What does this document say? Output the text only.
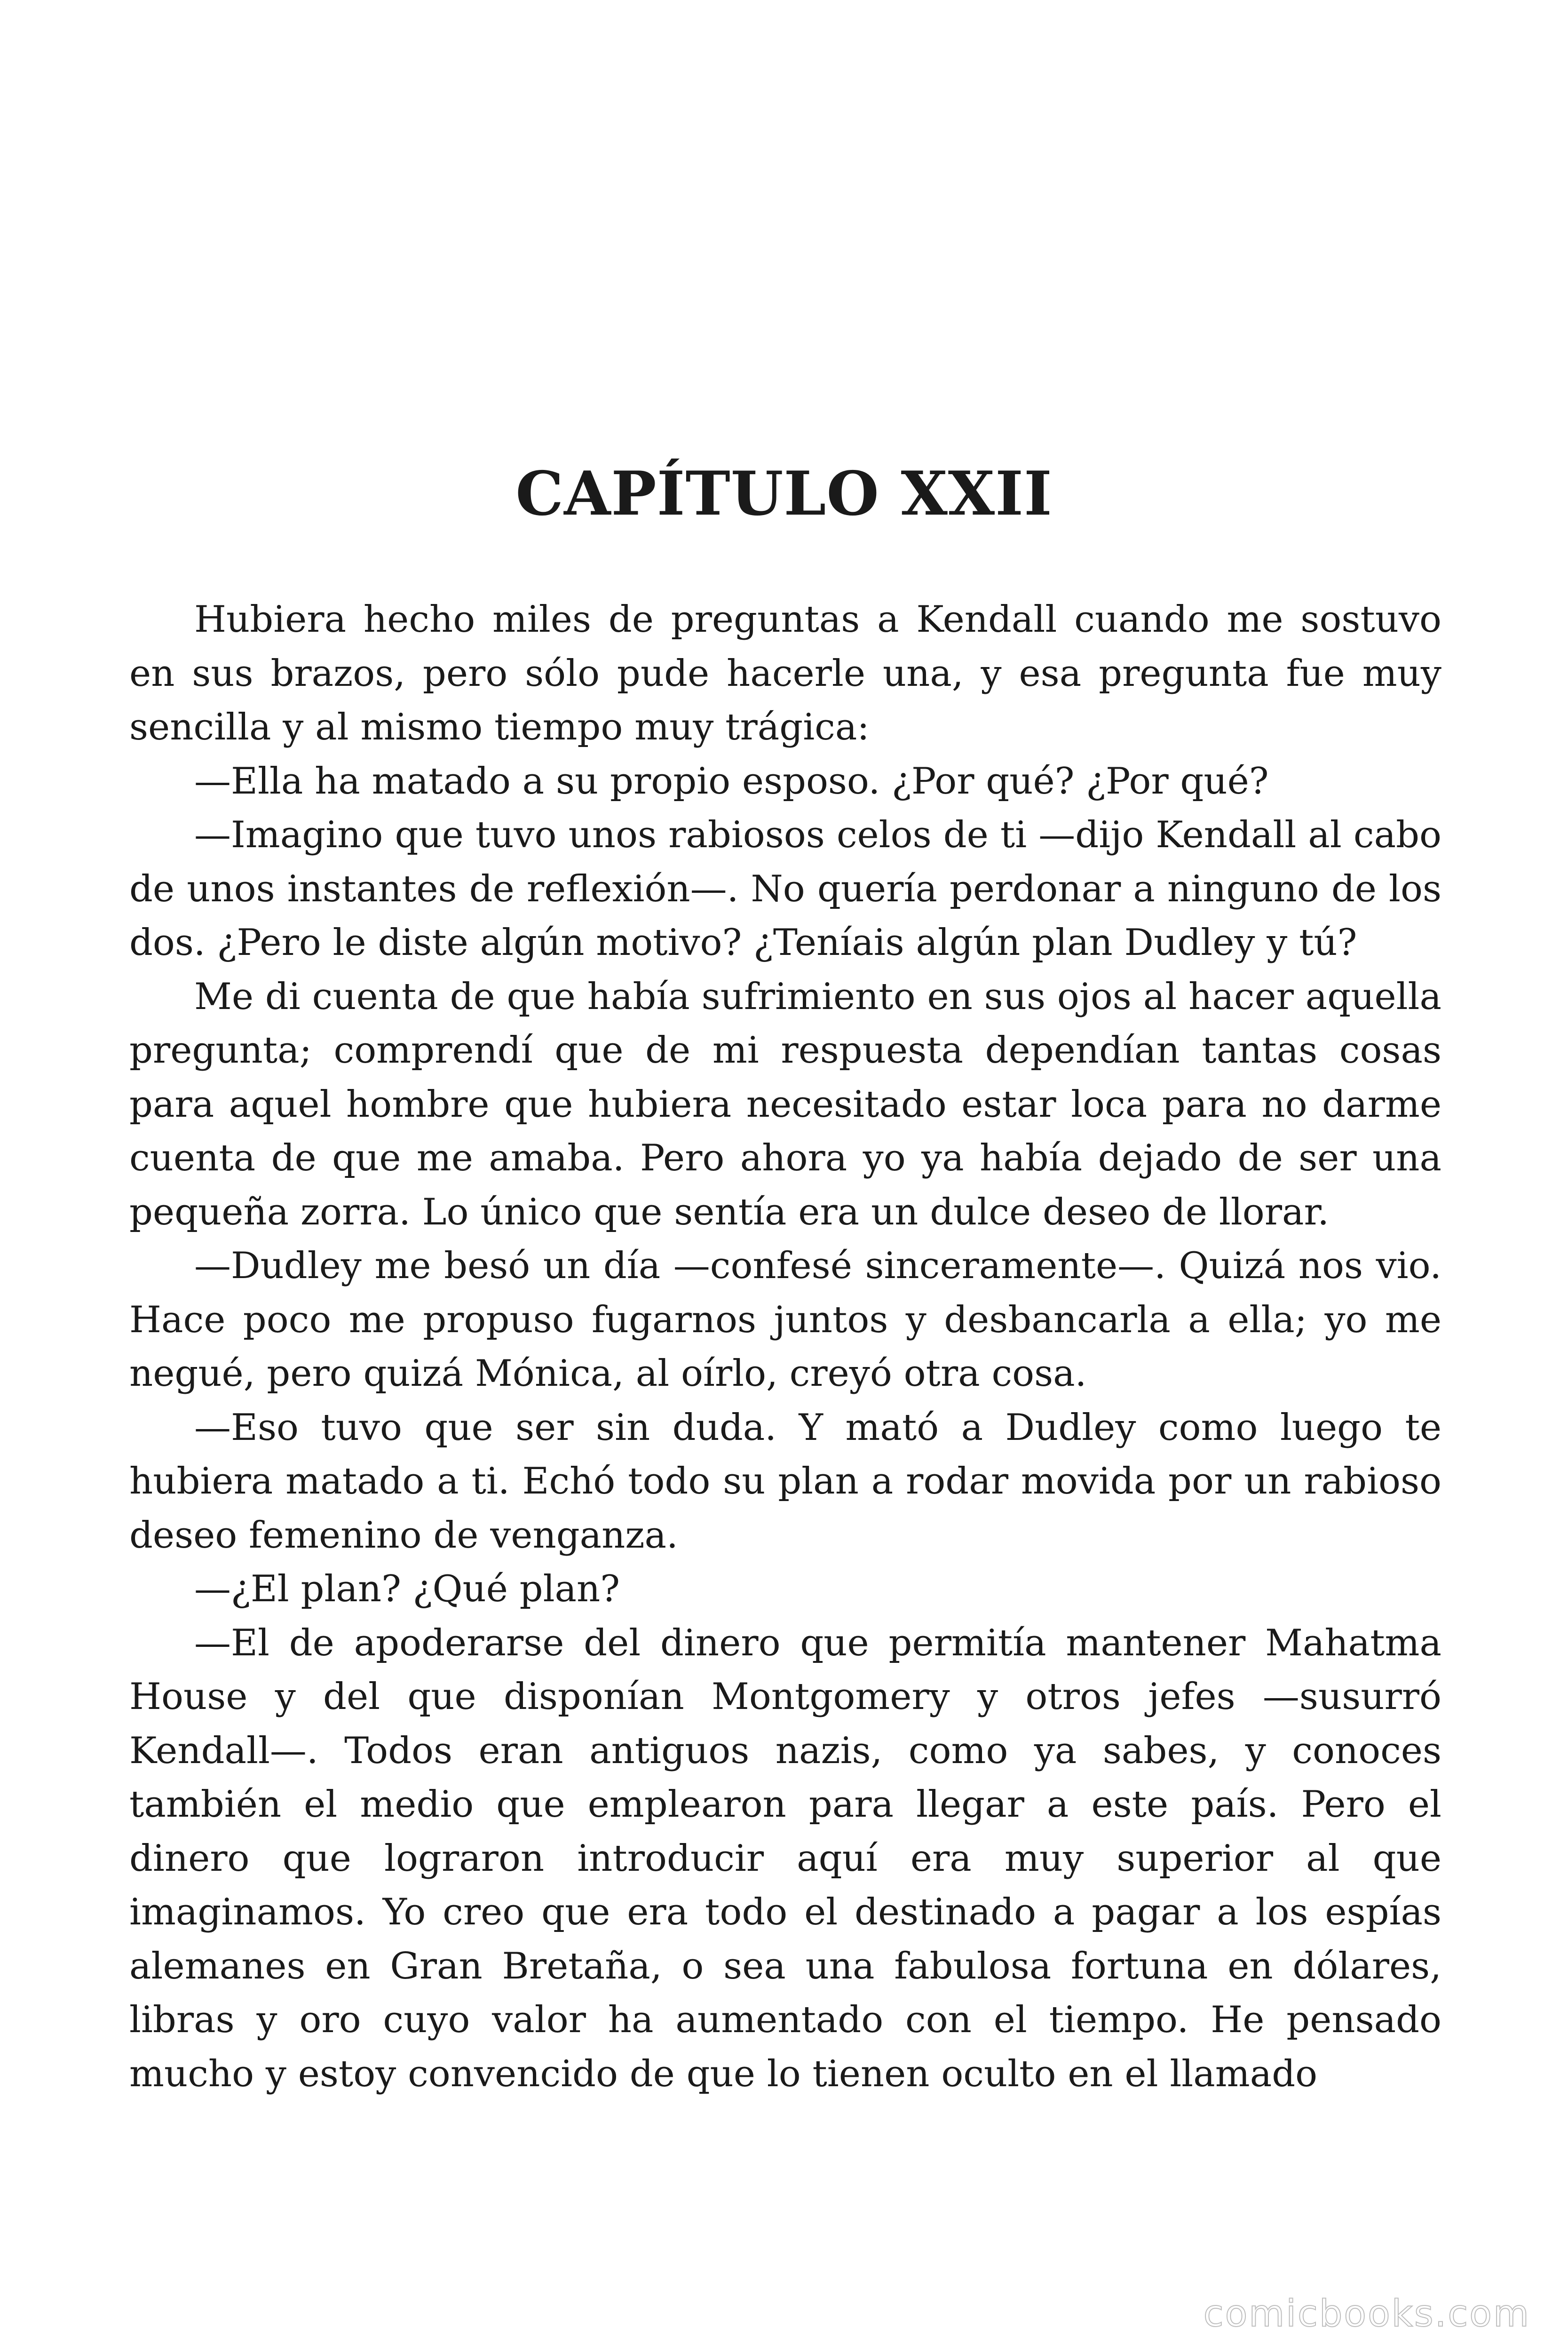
CAPÍTULO XXII

Hubiera hecho miles de preguntas a Kendall cuando me sostuvo en sus brazos, pero sólo pude hacerle una, y esa pregunta fue muy sencilla y al mismo tiempo muy trágica:

—Ella ha matado a su propio esposo. ¿Por qué? ¿Por qué?

—Imagino que tuvo unos rabiosos celos de ti —dijo Kendall al cabo de unos instantes de reflexión—. No quería perdonar a ninguno de los dos. ¿Pero le diste algún motivo? ¿Teníais algún plan Dudley y tú?

Me di cuenta de que había sufrimiento en sus ojos al hacer aquella pregunta; comprendí que de mi respuesta dependían tantas cosas para aquel hombre que hubiera necesitado estar loca para no darme cuenta de que me amaba. Pero ahora yo ya había dejado de ser una pequeña zorra. Lo único que sentía era un dulce deseo de llorar.

—Dudley me besó un día —confesé sinceramente—. Quizá nos vio. Hace poco me propuso fugarnos juntos y desbancarla a ella; yo me negué, pero quizá Mónica, al oírlo, creyó otra cosa.

—Eso tuvo que ser sin duda. Y mató a Dudley como luego te hubiera matado a ti. Echó todo su plan a rodar movida por un rabioso deseo femenino de venganza.

—¿El plan? ¿Qué plan?

—El de apoderarse del dinero que permitía mantener Mahatma House y del que disponían Montgomery y otros jefes —susurró Kendall—. Todos eran antiguos nazis, como ya sabes, y conoces también el medio que emplearon para llegar a este país. Pero el dinero que lograron introducir aquí era muy superior al que imaginamos. Yo creo que era todo el destinado a pagar a los espías alemanes en Gran Bretaña, o sea una fabulosa fortuna en dólares, libras y oro cuyo valor ha aumentado con el tiempo. He pensado mucho y estoy convencido de que lo tienen oculto en el llamado

comicbooks.com
